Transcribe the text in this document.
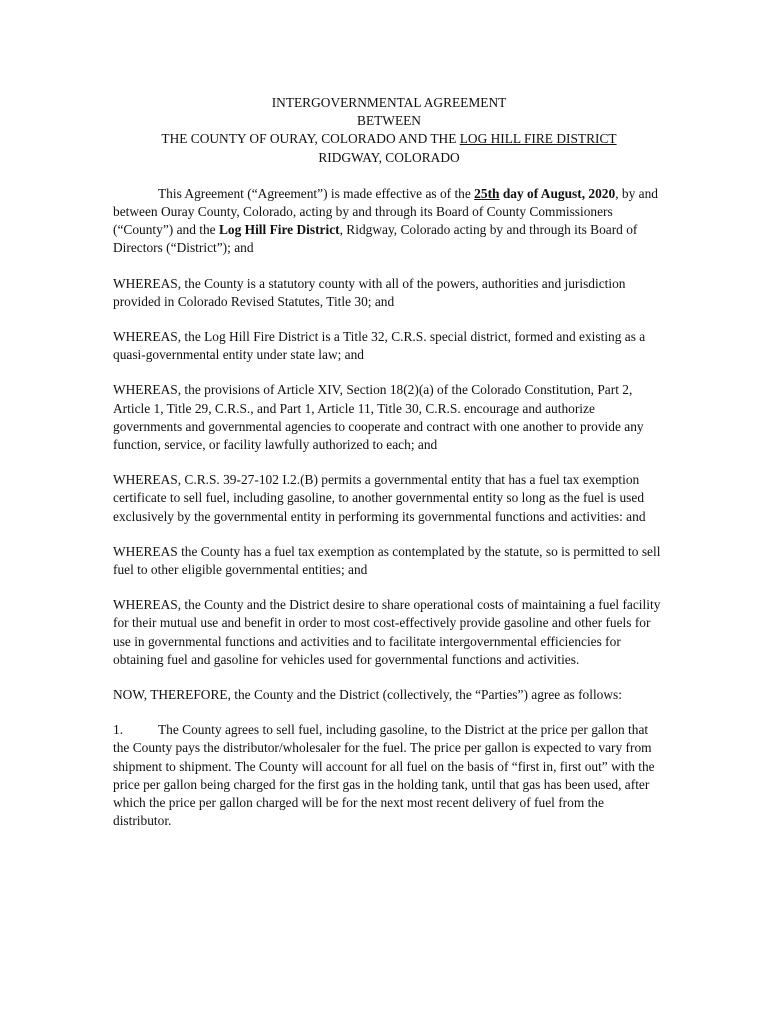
INTERGOVERNMENTAL AGREEMENT
BETWEEN
THE COUNTY OF OURAY, COLORADO AND THE LOG HILL FIRE DISTRICT
RIDGWAY, COLORADO

This Agreement (“Agreement”) is made effective as of the 25th day of August, 2020, by and between Ouray County, Colorado, acting by and through its Board of County Commissioners (“County”) and the Log Hill Fire District, Ridgway, Colorado acting by and through its Board of Directors (“District”); and

WHEREAS, the County is a statutory county with all of the powers, authorities and jurisdiction provided in Colorado Revised Statutes, Title 30; and

WHEREAS, the Log Hill Fire District is a Title 32, C.R.S. special district, formed and existing as a quasi-governmental entity under state law; and

WHEREAS, the provisions of Article XIV, Section 18(2)(a) of the Colorado Constitution, Part 2, Article 1, Title 29, C.R.S., and Part 1, Article 11, Title 30, C.R.S. encourage and authorize governments and governmental agencies to cooperate and contract with one another to provide any function, service, or facility lawfully authorized to each; and

WHEREAS, C.R.S. 39-27-102 I.2.(B) permits a governmental entity that has a fuel tax exemption certificate to sell fuel, including gasoline, to another governmental entity so long as the fuel is used exclusively by the governmental entity in performing its governmental functions and activities: and

WHEREAS the County has a fuel tax exemption as contemplated by the statute, so is permitted to sell fuel to other eligible governmental entities; and

WHEREAS, the County and the District desire to share operational costs of maintaining a fuel facility for their mutual use and benefit in order to most cost-effectively provide gasoline and other fuels for use in governmental functions and activities and to facilitate intergovernmental efficiencies for obtaining fuel and gasoline for vehicles used for governmental functions and activities.

NOW, THEREFORE, the County and the District (collectively, the “Parties”) agree as follows:

1.	The County agrees to sell fuel, including gasoline, to the District at the price per gallon that the County pays the distributor/wholesaler for the fuel. The price per gallon is expected to vary from shipment to shipment. The County will account for all fuel on the basis of “first in, first out” with the price per gallon being charged for the first gas in the holding tank, until that gas has been used, after which the price per gallon charged will be for the next most recent delivery of fuel from the distributor.
